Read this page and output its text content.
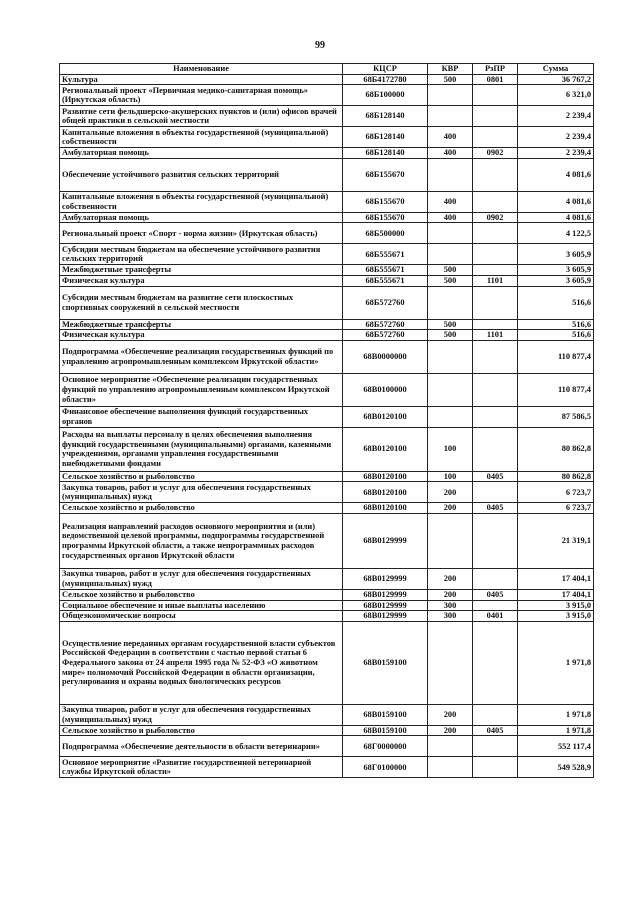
99
Наименование	КЦСР	КВР	РзПР	Сумма
Культура	68Б4172780	500	0801	36 767,2
Региональный проект «Первичная медико-санитарная помощь» (Иркутская область)	68Б100000			6 321,0
Развитие сети фельдшерско-акушерских пунктов и (или) офисов врачей общей практики в сельской местности	68Б128140			2 239,4
Капитальные вложения в объекты государственной (муниципальной) собственности	68Б128140	400		2 239,4
Амбулаторная помощь	68Б128140	400	0902	2 239,4
Обеспечение устойчивого развития сельских территорий	68Б155670			4 081,6
Капитальные вложения в объекты государственной (муниципальной) собственности	68Б155670	400		4 081,6
Амбулаторная помощь	68Б155670	400	0902	4 081,6
Региональный проект «Спорт - норма жизни» (Иркутская область)	68Б500000			4 122,5
Субсидии местным бюджетам на обеспечение устойчивого развития сельских территорий	68Б555671			3 605,9
Межбюджетные трансферты	68Б555671	500		3 605,9
Физическая культура	68Б555671	500	1101	3 605,9
Субсидии местным бюджетам на развитие сети плоскостных спортивных сооружений в сельской местности	68Б572760			516,6
Межбюджетные трансферты	68Б572760	500		516,6
Физическая культура	68Б572760	500	1101	516,6
Подпрограмма «Обеспечение реализации государственных функций по управлению агропромышленным комплексом Иркутской области»	68В0000000			110 877,4
Основное мероприятие «Обеспечение реализации государственных функций по управлению агропромышленным комплексом Иркутской области»	68В0100000			110 877,4
Финансовое обеспечение выполнения функций государственных органов	68В0120100			87 586,5
Расходы на выплаты персоналу в целях обеспечения выполнения функций государственными (муниципальными) органами, казенными учреждениями, органами управления государственными внебюджетными фондами	68В0120100	100		80 862,8
Сельское хозяйство и рыболовство	68В0120100	100	0405	80 862,8
Закупка товаров, работ и услуг для обеспечения государственных (муниципальных) нужд	68В0120100	200		6 723,7
Сельское хозяйство и рыболовство	68В0120100	200	0405	6 723,7
Реализация направлений расходов основного мероприятия и (или) ведомственной целевой программы, подпрограммы государственной программы Иркутской области, а также непрограммных расходов государственных органов Иркутской области	68В0129999			21 319,1
Закупка товаров, работ и услуг для обеспечения государственных (муниципальных) нужд	68В0129999	200		17 404,1
Сельское хозяйство и рыболовство	68В0129999	200	0405	17 404,1
Социальное обеспечение и иные выплаты населению	68В0129999	300		3 915,0
Общеэкономические вопросы	68В0129999	300	0401	3 915,0
Осуществление переданных органам государственной власти субъектов Российской Федерации в соответствии с частью первой статьи 6 Федерального закона от 24 апреля 1995 года № 52-ФЗ «О животном мире» полномочий Российской Федерации в области организации, регулирования и охраны водных биологических ресурсов	68В0159100			1 971,8
Закупка товаров, работ и услуг для обеспечения государственных (муниципальных) нужд	68В0159100	200		1 971,8
Сельское хозяйство и рыболовство	68В0159100	200	0405	1 971,8
Подпрограмма «Обеспечение деятельности в области ветеринарии»	68Г0000000			552 117,4
Основное мероприятие «Развитие государственной ветеринарной службы Иркутской области»	68Г0100000			549 528,9
